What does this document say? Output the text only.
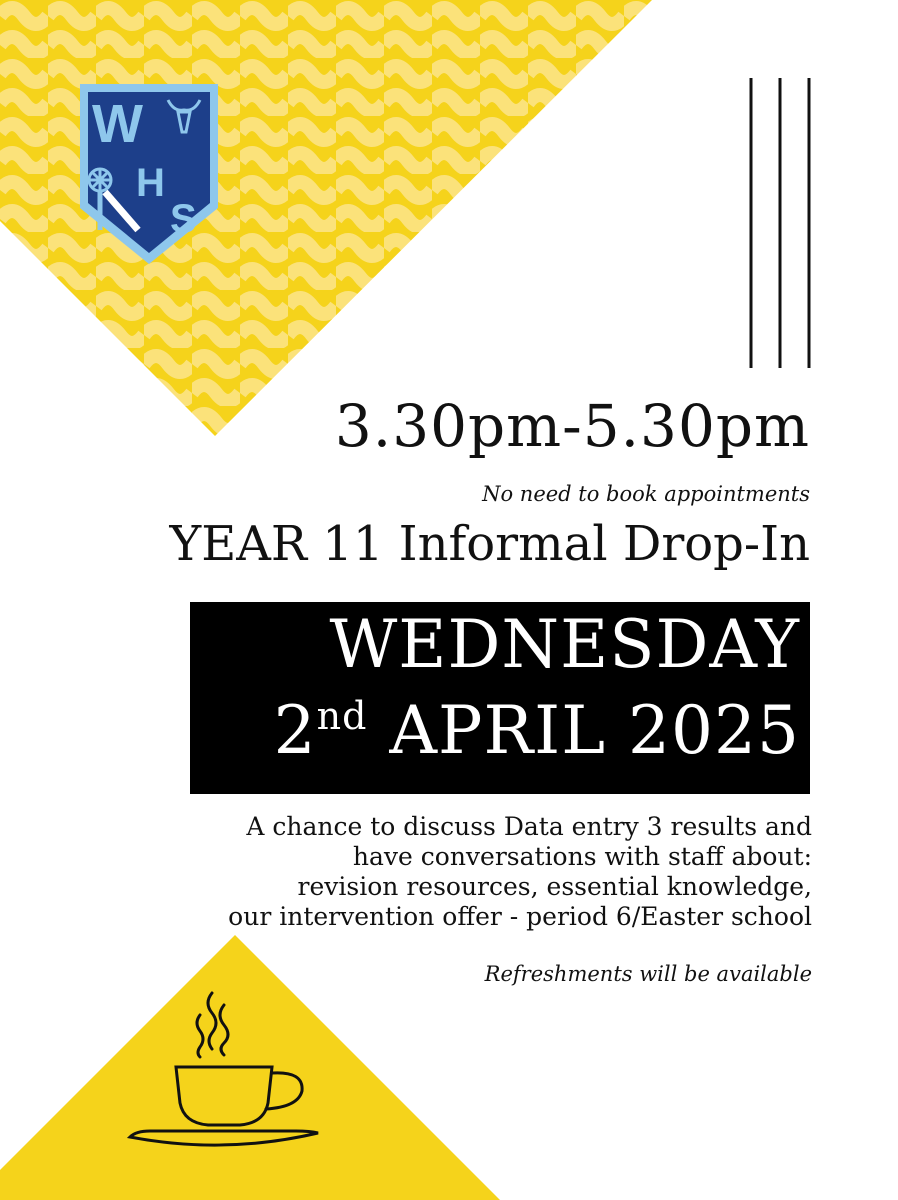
W
H
S
3.30pm-5.30pm
No need to book appointments
YEAR 11 Informal Drop-In
WEDNESDAY
2nd APRIL 2025
A chance to discuss Data entry 3 results and
have conversations with staff about:
revision resources, essential knowledge,
our intervention offer - period 6/Easter school
Refreshments will be available
